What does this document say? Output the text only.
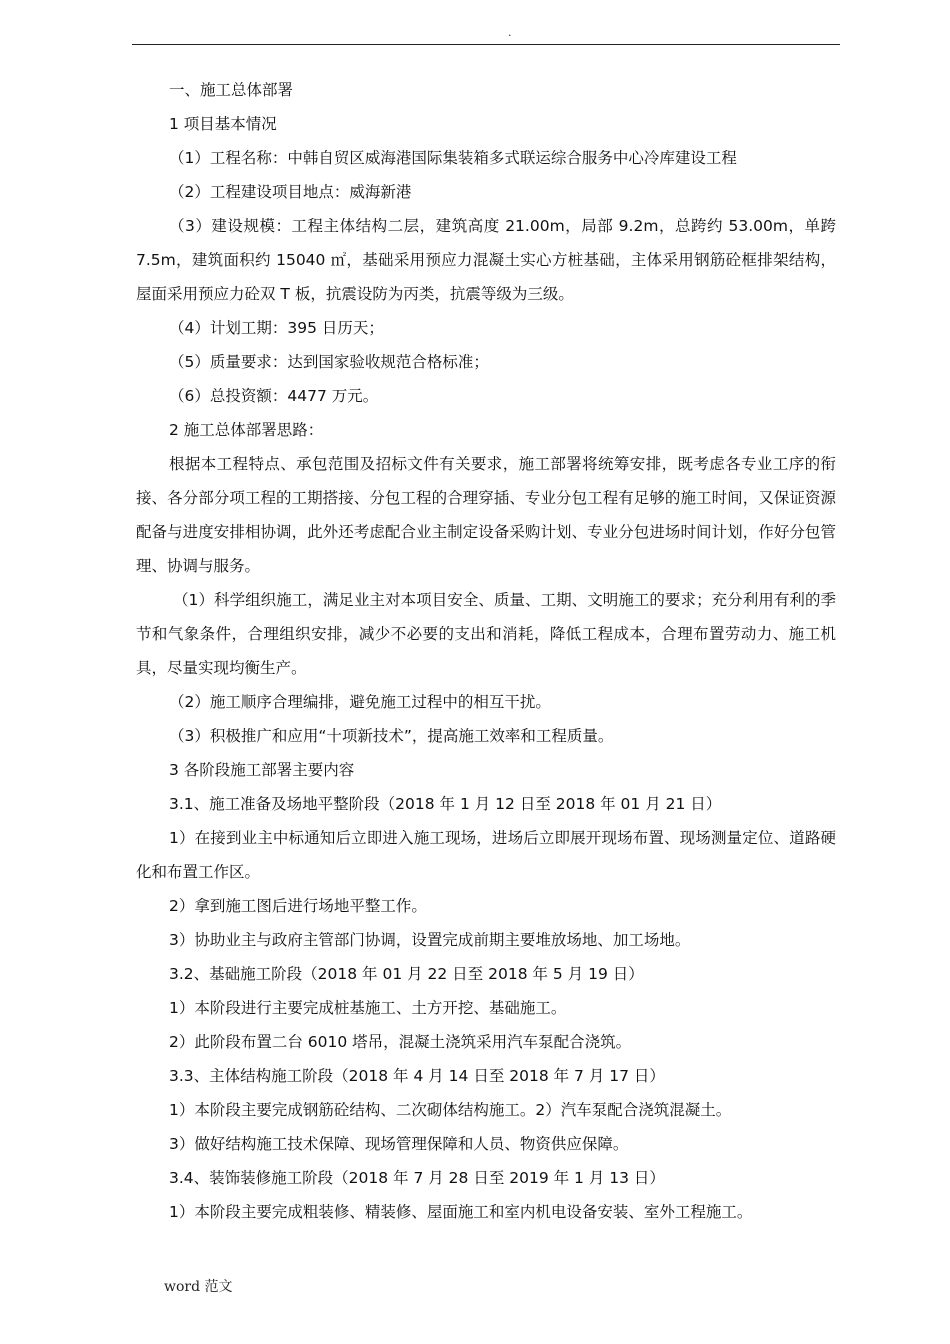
.

一、施工总体部署

1 项目基本情况

（1）工程名称：中韩自贸区威海港国际集装箱多式联运综合服务中心冷库建设工程

（2）工程建设项目地点：威海新港

（3）建设规模：工程主体结构二层，建筑高度 21.00m，局部 9.2m，总跨约 53.00m，单跨 7.5m，建筑面积约 15040 ㎡，基础采用预应力混凝土实心方桩基础，主体采用钢筋砼框排架结构，屋面采用预应力砼双 T 板，抗震设防为丙类，抗震等级为三级。

（4）计划工期：395 日历天；

（5）质量要求：达到国家验收规范合格标准；

（6）总投资额：4477 万元。

2 施工总体部署思路：

根据本工程特点、承包范围及招标文件有关要求，施工部署将统筹安排，既考虑各专业工序的衔接、各分部分项工程的工期搭接、分包工程的合理穿插、专业分包工程有足够的施工时间，又保证资源配备与进度安排相协调，此外还考虑配合业主制定设备采购计划、专业分包进场时间计划，作好分包管理、协调与服务。

（1）科学组织施工，满足业主对本项目安全、质量、工期、文明施工的要求；充分利用有利的季节和气象条件，合理组织安排，减少不必要的支出和消耗，降低工程成本，合理布置劳动力、施工机具，尽量实现均衡生产。

（2）施工顺序合理编排，避免施工过程中的相互干扰。

（3）积极推广和应用“十项新技术”，提高施工效率和工程质量。

3 各阶段施工部署主要内容

3.1、施工准备及场地平整阶段（2018 年 1 月 12 日至 2018 年 01 月 21 日）

1）在接到业主中标通知后立即进入施工现场，进场后立即展开现场布置、现场测量定位、道路硬化和布置工作区。

2）拿到施工图后进行场地平整工作。

3）协助业主与政府主管部门协调，设置完成前期主要堆放场地、加工场地。

3.2、基础施工阶段（2018 年 01 月 22 日至 2018 年 5 月 19 日）

1）本阶段进行主要完成桩基施工、土方开挖、基础施工。

2）此阶段布置二台 6010 塔吊，混凝土浇筑采用汽车泵配合浇筑。

3.3、主体结构施工阶段（2018 年 4 月 14 日至 2018 年 7 月 17 日）

1）本阶段主要完成钢筋砼结构、二次砌体结构施工。2）汽车泵配合浇筑混凝土。

3）做好结构施工技术保障、现场管理保障和人员、物资供应保障。

3.4、装饰装修施工阶段（2018 年 7 月 28 日至 2019 年 1 月 13 日）

1）本阶段主要完成粗装修、精装修、屋面施工和室内机电设备安装、室外工程施工。

word 范文
